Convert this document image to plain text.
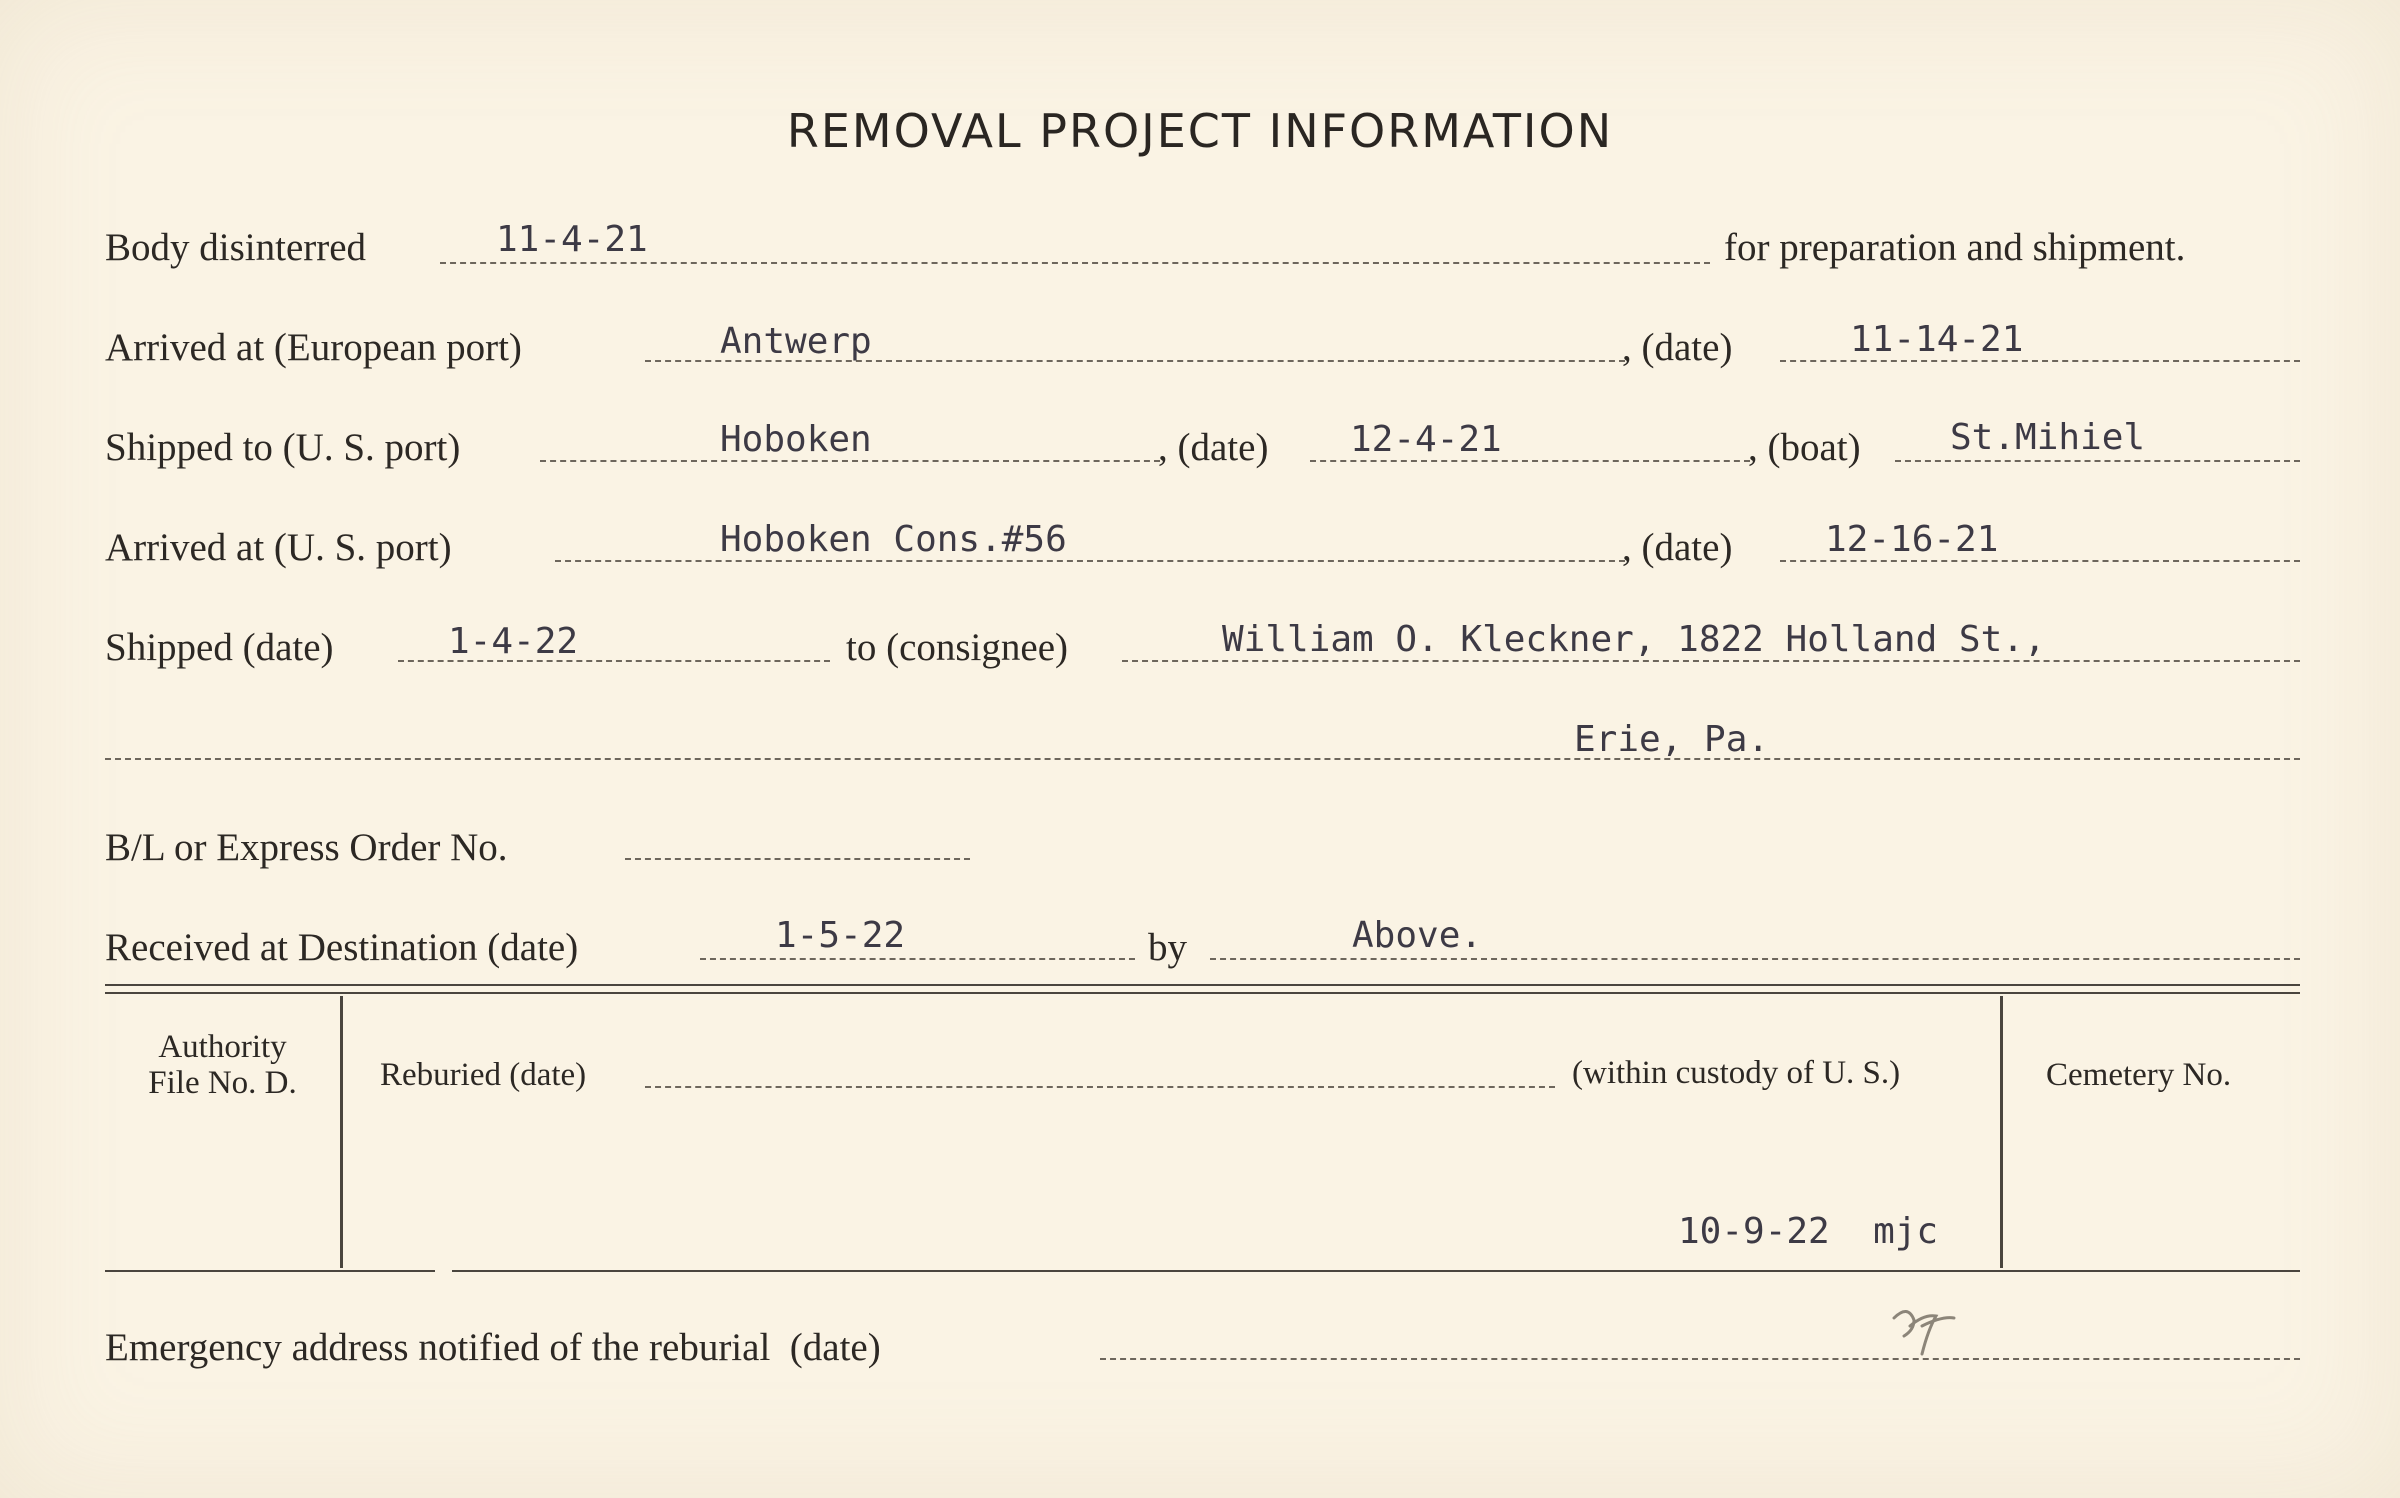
REMOVAL PROJECT INFORMATION
Body disinterred	11-4-21	for preparation and shipment.
Arrived at (European port)	Antwerp	, (date)	11-14-21
Shipped to (U. S. port)	Hoboken	, (date) 12-4-21	, (boat) St.Mihiel
Arrived at (U. S. port)	Hoboken Cons.#56	, (date)	12-16-21
Shipped (date)	1-4-22	to (consignee)	William O. Kleckner, 1822 Holland St.,
Erie, Pa.
B/L or Express Order No.
Received at Destination (date)	1-5-22	by	Above.
Authority
File No. D.	Reburied (date)	(within custody of U. S.)	Cemetery No.
10-9-22  mjc
Emergency address notified of the reburial  (date)
